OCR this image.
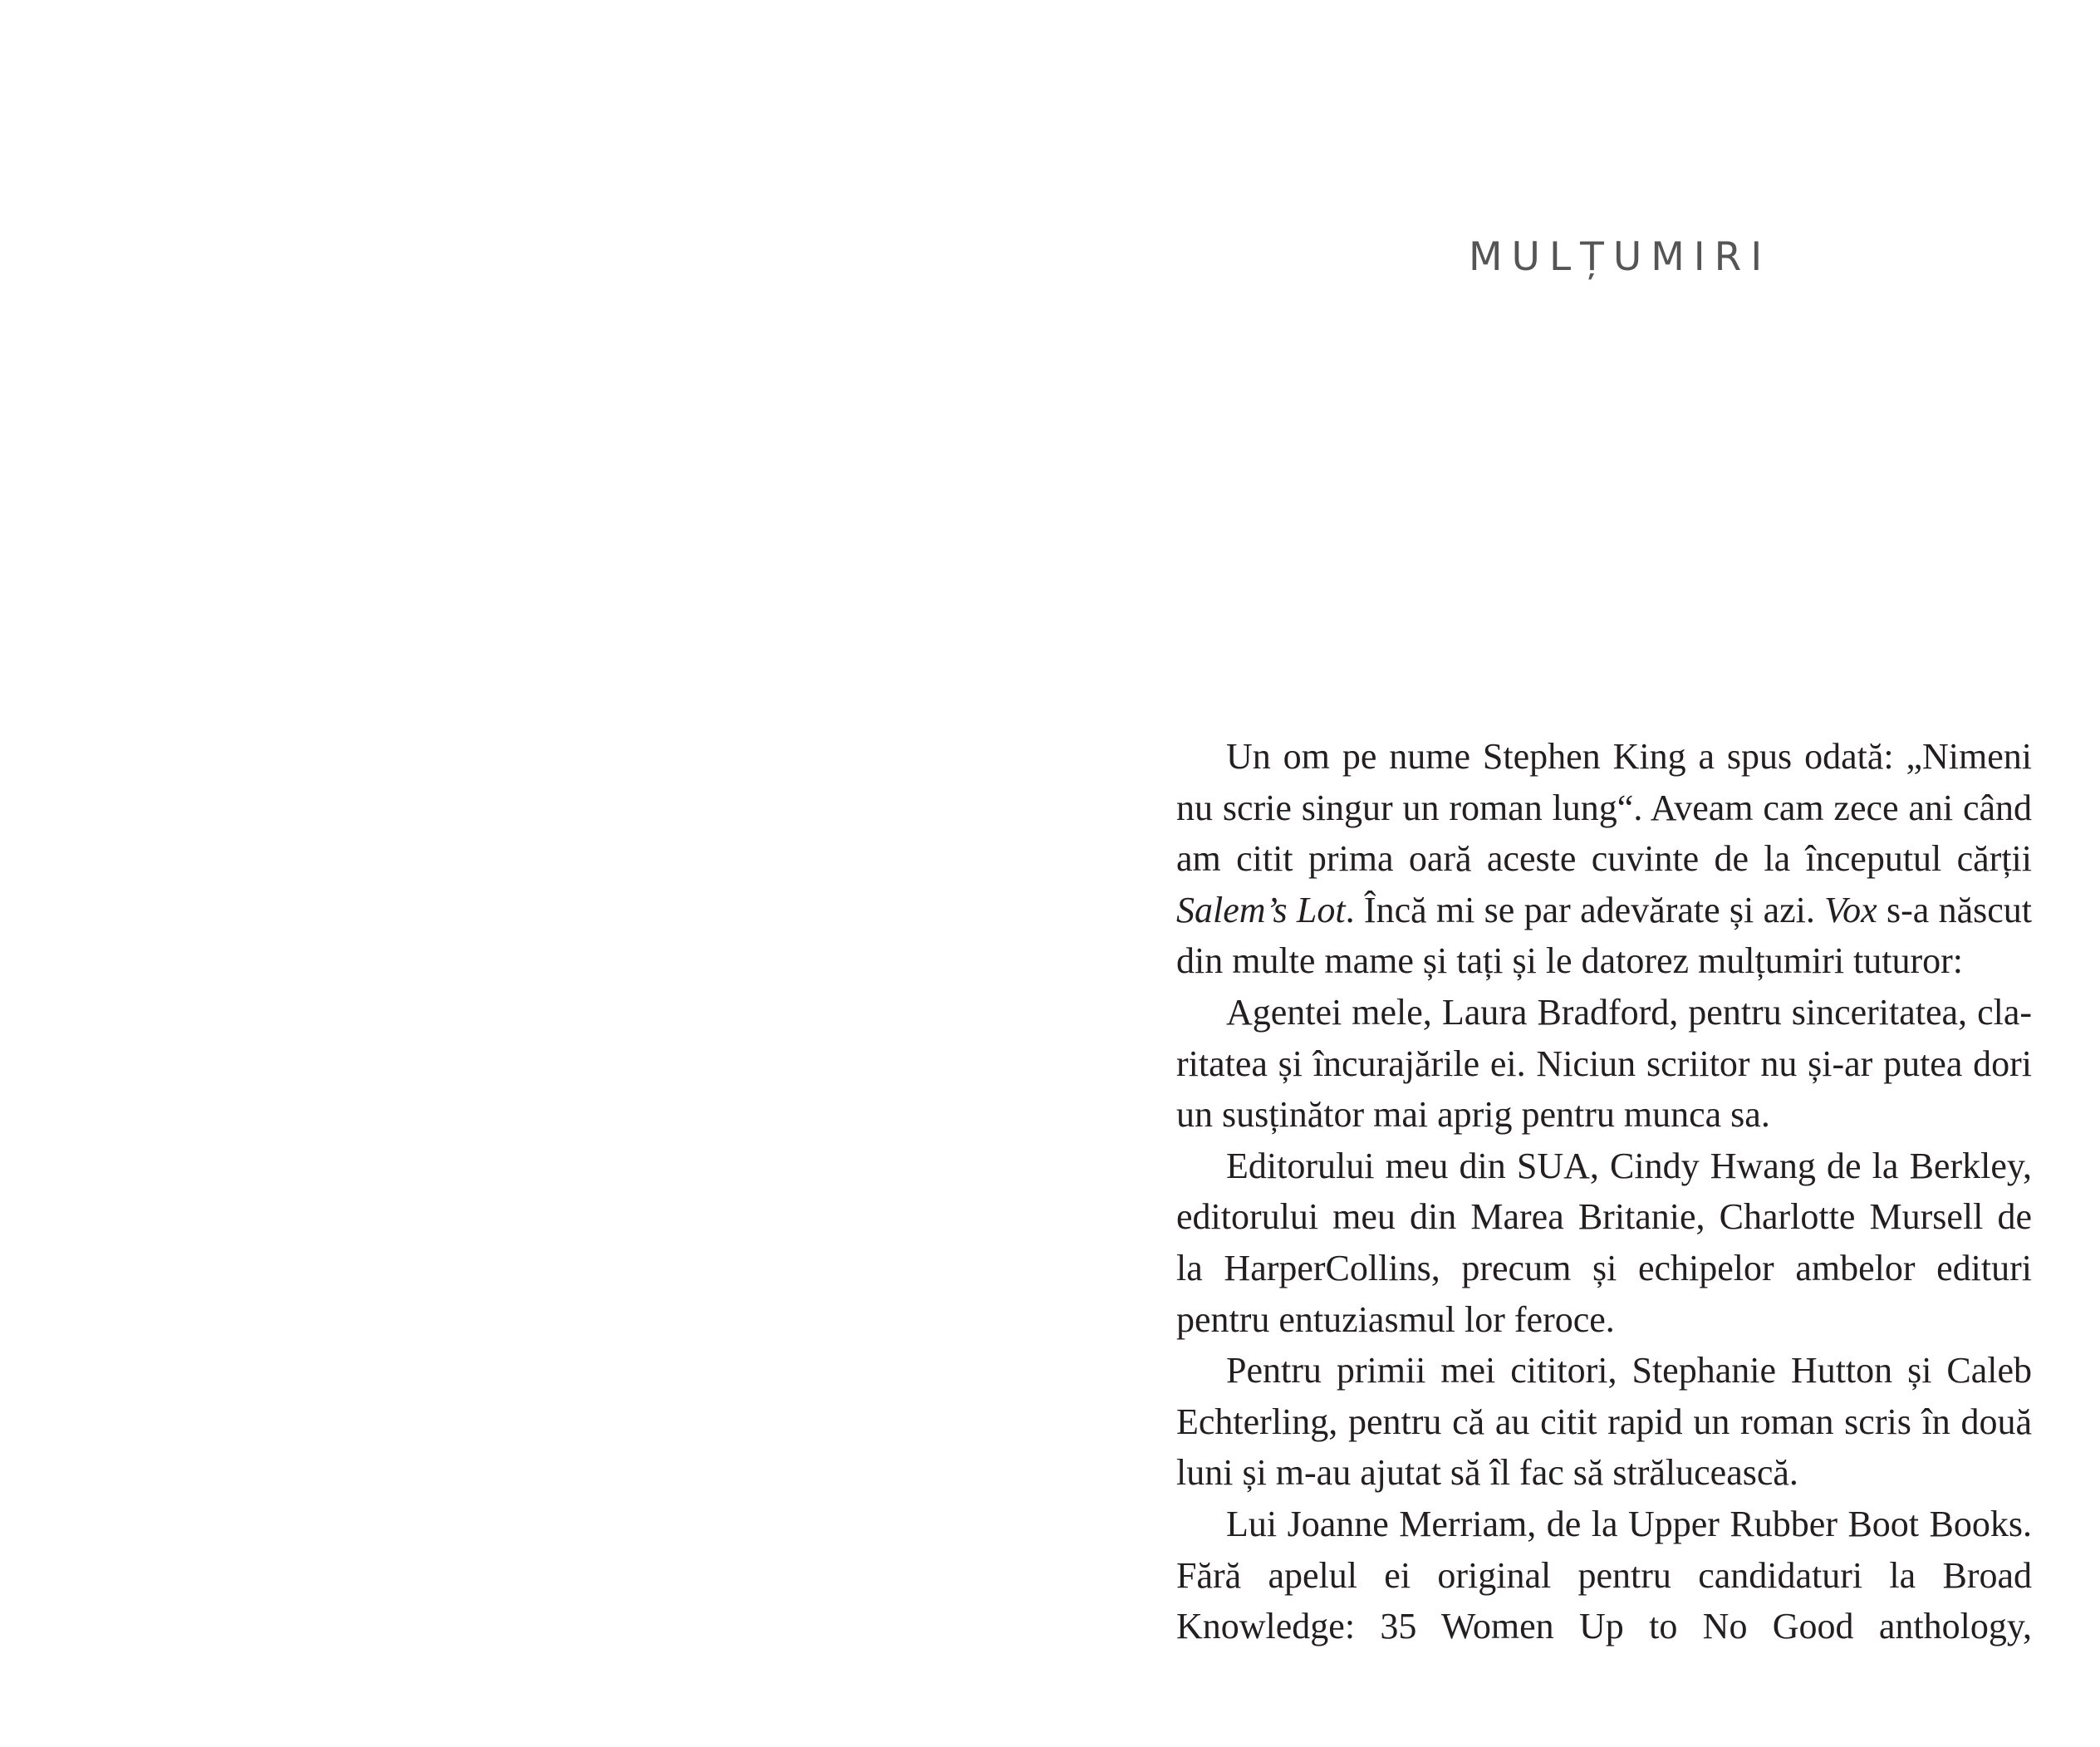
MULȚUMIRI

Un om pe nume Stephen King a spus odată: „Nimeni
nu scrie singur un roman lung“. Aveam cam zece ani când
am citit prima oară aceste cuvinte de la începutul cărții
Salem’s Lot. Încă mi se par adevărate și azi. Vox s-a născut
din multe mame și tați și le datorez mulțumiri tuturor:

Agentei mele, Laura Bradford, pentru sinceritatea, cla-
ritatea și încurajările ei. Niciun scriitor nu și-ar putea dori
un susținător mai aprig pentru munca sa.

Editorului meu din SUA, Cindy Hwang de la Berkley,
editorului meu din Marea Britanie, Charlotte Mursell de
la HarperCollins, precum și echipelor ambelor edituri
pentru entuziasmul lor feroce.

Pentru primii mei cititori, Stephanie Hutton și Caleb
Echterling, pentru că au citit rapid un roman scris în două
luni și m-au ajutat să îl fac să strălucească.

Lui Joanne Merriam, de la Upper Rubber Boot Books.
Fără apelul ei original pentru candidaturi la Broad
Knowledge: 35 Women Up to No Good anthology,
